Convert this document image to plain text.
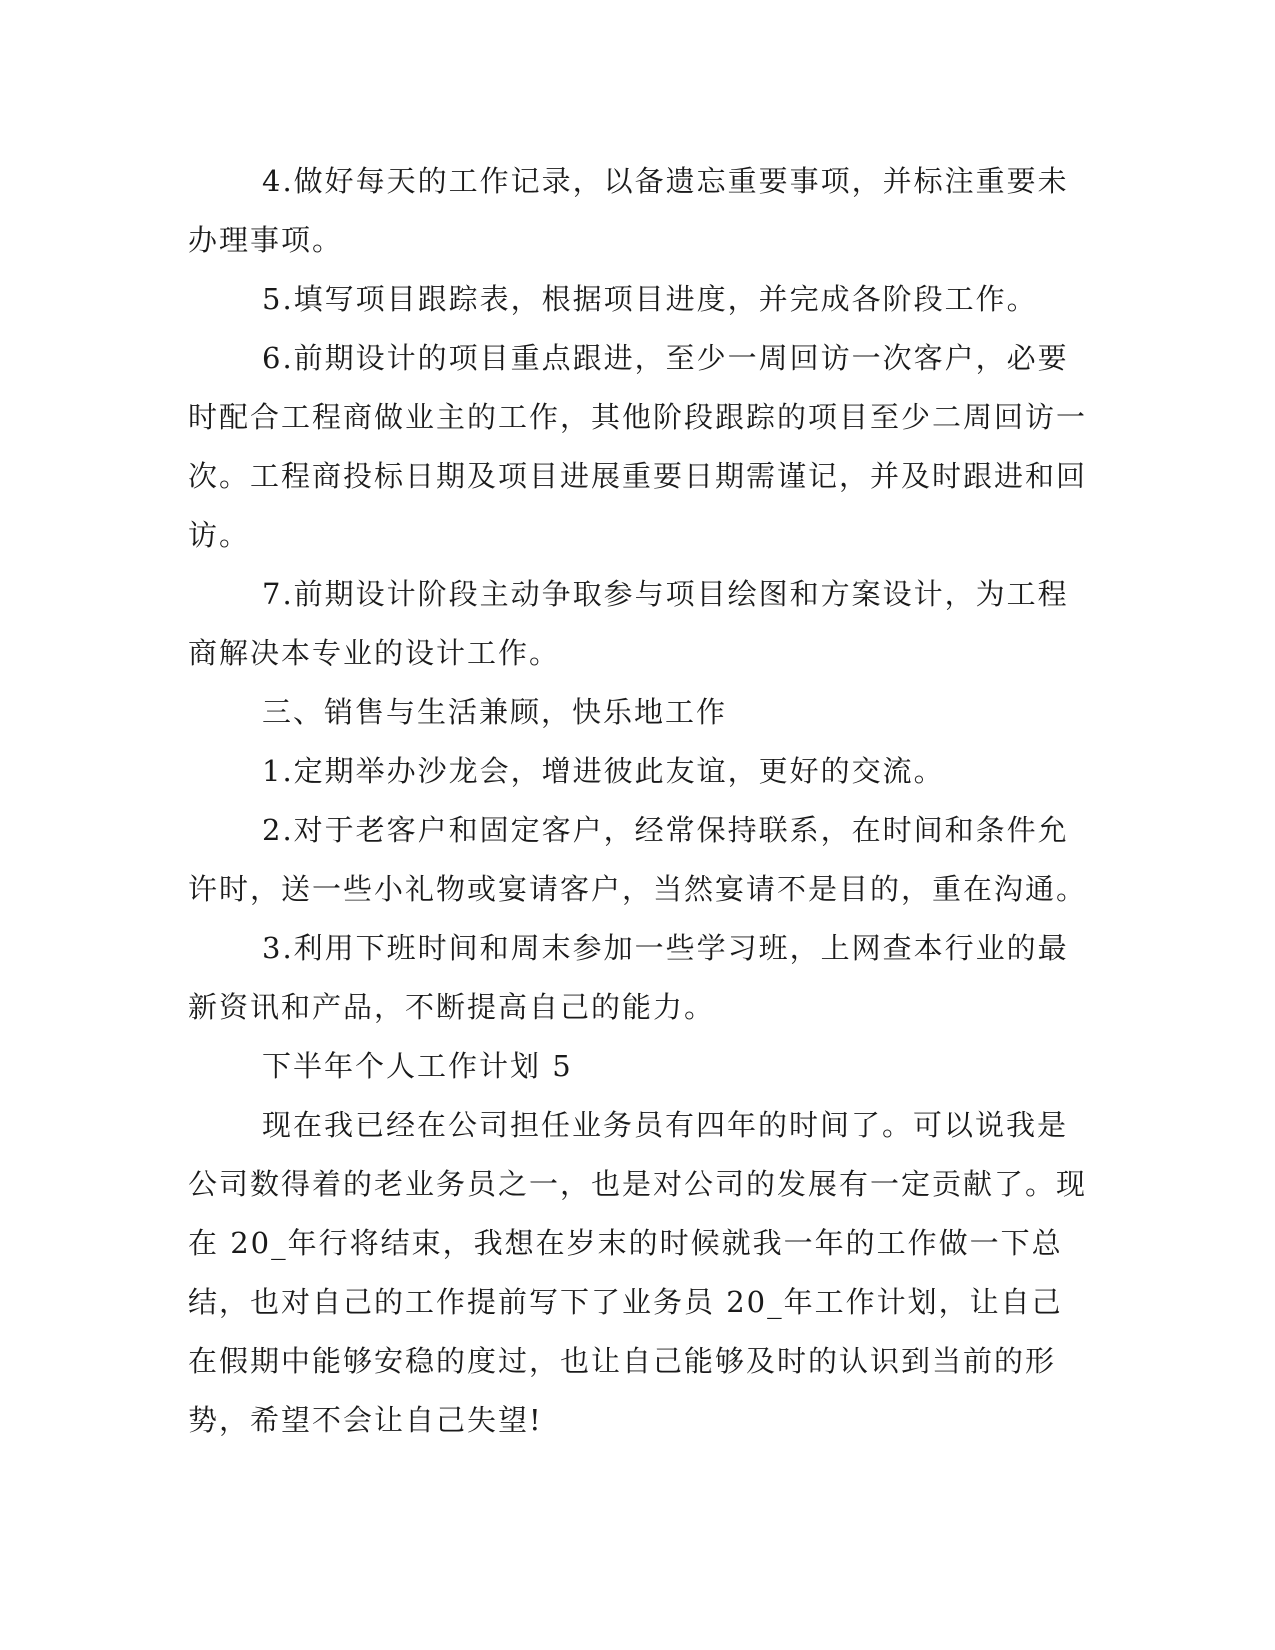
4.做好每天的工作记录，以备遗忘重要事项，并标注重要未办理事项。

5.填写项目跟踪表，根据项目进度，并完成各阶段工作。

6.前期设计的项目重点跟进，至少一周回访一次客户，必要时配合工程商做业主的工作，其他阶段跟踪的项目至少二周回访一次。工程商投标日期及项目进展重要日期需谨记，并及时跟进和回访。

7.前期设计阶段主动争取参与项目绘图和方案设计，为工程商解决本专业的设计工作。

三、销售与生活兼顾，快乐地工作

1.定期举办沙龙会，增进彼此友谊，更好的交流。

2.对于老客户和固定客户，经常保持联系，在时间和条件允许时，送一些小礼物或宴请客户，当然宴请不是目的，重在沟通。

3.利用下班时间和周末参加一些学习班，上网查本行业的最新资讯和产品，不断提高自己的能力。

下半年个人工作计划 5

现在我已经在公司担任业务员有四年的时间了。可以说我是公司数得着的老业务员之一，也是对公司的发展有一定贡献了。现在 20_年行将结束，我想在岁末的时候就我一年的工作做一下总结，也对自己的工作提前写下了业务员 20_年工作计划，让自己在假期中能够安稳的度过，也让自己能够及时的认识到当前的形势，希望不会让自己失望!
